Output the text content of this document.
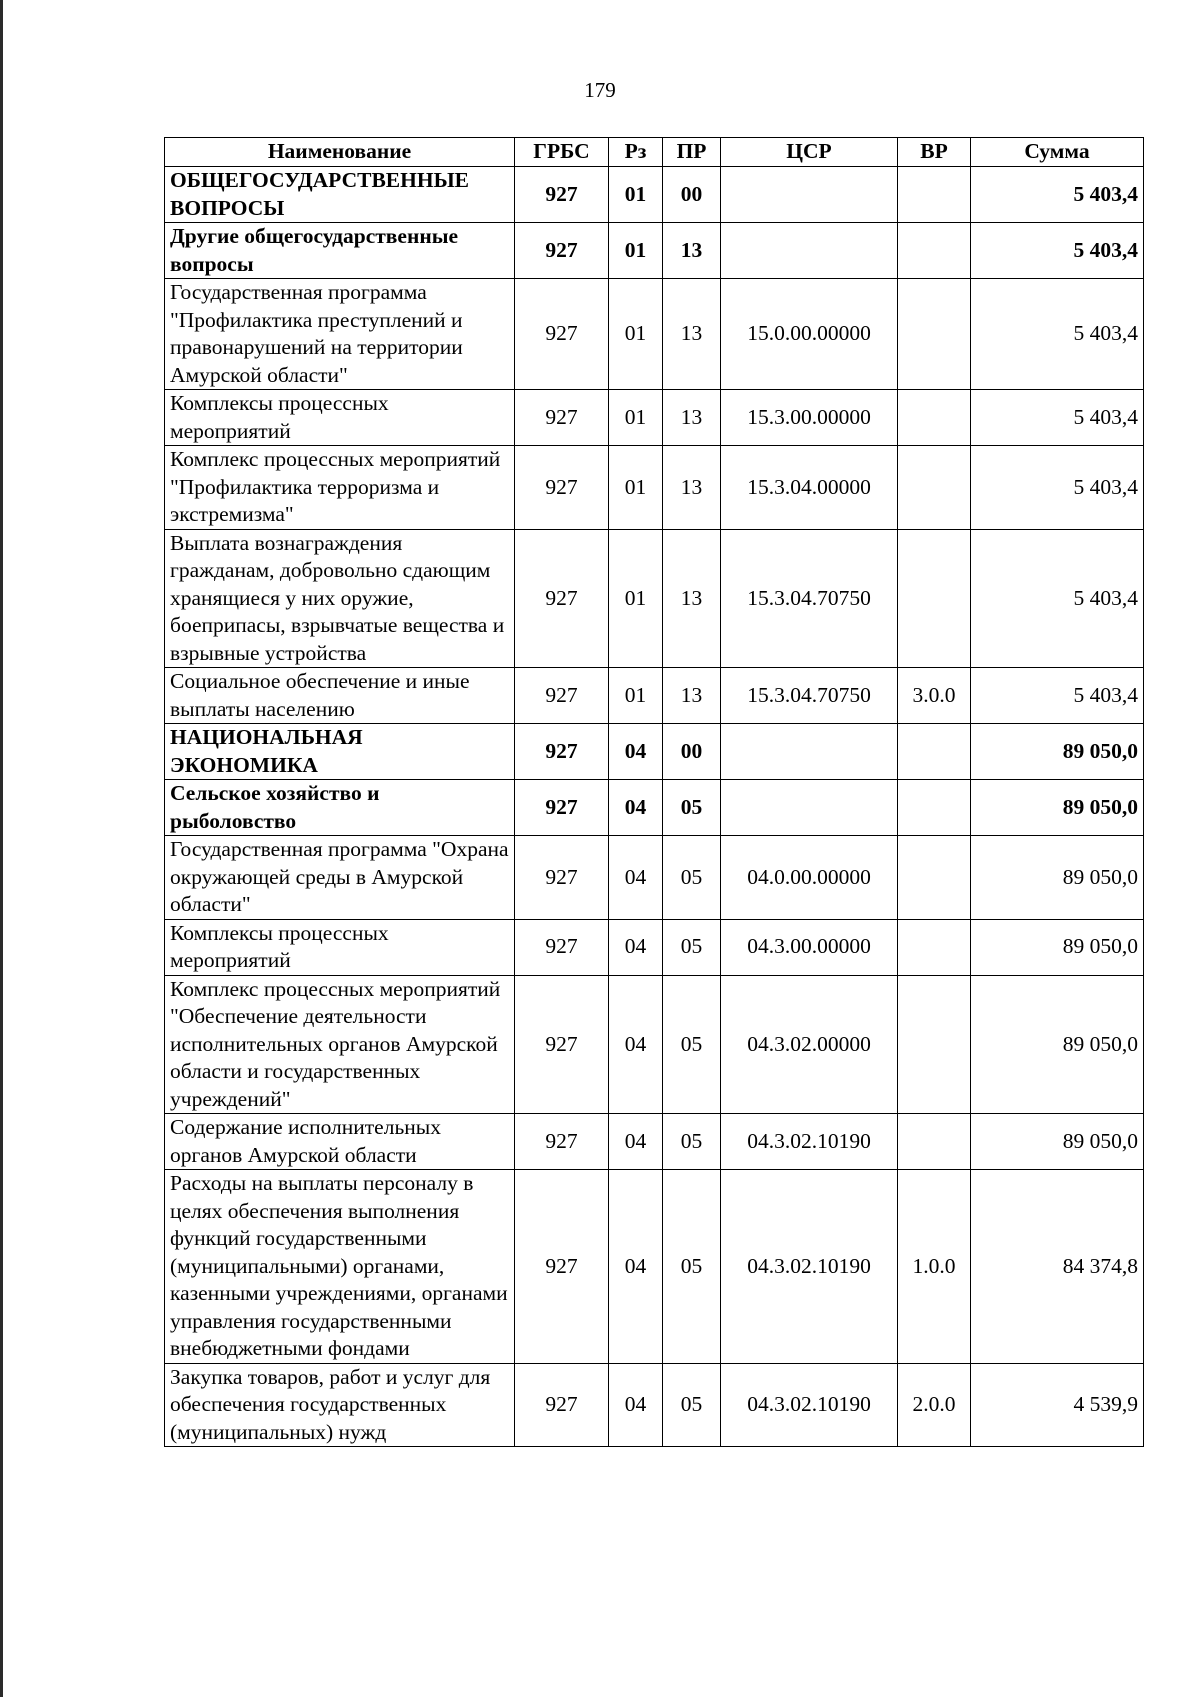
179
Наименование	ГРБС	Рз	ПР	ЦСР	ВР	Сумма
ОБЩЕГОСУДАРСТВЕННЫЕ ВОПРОСЫ	927	01	00			5 403,4
Другие общегосударственные вопросы	927	01	13			5 403,4
Государственная программа "Профилактика преступлений и правонарушений на территории Амурской области"	927	01	13	15.0.00.00000		5 403,4
Комплексы процессных мероприятий	927	01	13	15.3.00.00000		5 403,4
Комплекс процессных мероприятий "Профилактика терроризма и экстремизма"	927	01	13	15.3.04.00000		5 403,4
Выплата вознаграждения гражданам, добровольно сдающим хранящиеся у них оружие, боеприпасы, взрывчатые вещества и взрывные устройства	927	01	13	15.3.04.70750		5 403,4
Социальное обеспечение и иные выплаты населению	927	01	13	15.3.04.70750	3.0.0	5 403,4
НАЦИОНАЛЬНАЯ ЭКОНОМИКА	927	04	00			89 050,0
Сельское хозяйство и рыболовство	927	04	05			89 050,0
Государственная программа "Охрана окружающей среды в Амурской области"	927	04	05	04.0.00.00000		89 050,0
Комплексы процессных мероприятий	927	04	05	04.3.00.00000		89 050,0
Комплекс процессных мероприятий "Обеспечение деятельности исполнительных органов Амурской области и государственных учреждений"	927	04	05	04.3.02.00000		89 050,0
Содержание исполнительных органов Амурской области	927	04	05	04.3.02.10190		89 050,0
Расходы на выплаты персоналу в целях обеспечения выполнения функций государственными (муниципальными) органами, казенными учреждениями, органами управления государственными внебюджетными фондами	927	04	05	04.3.02.10190	1.0.0	84 374,8
Закупка товаров, работ и услуг для обеспечения государственных (муниципальных) нужд	927	04	05	04.3.02.10190	2.0.0	4 539,9
